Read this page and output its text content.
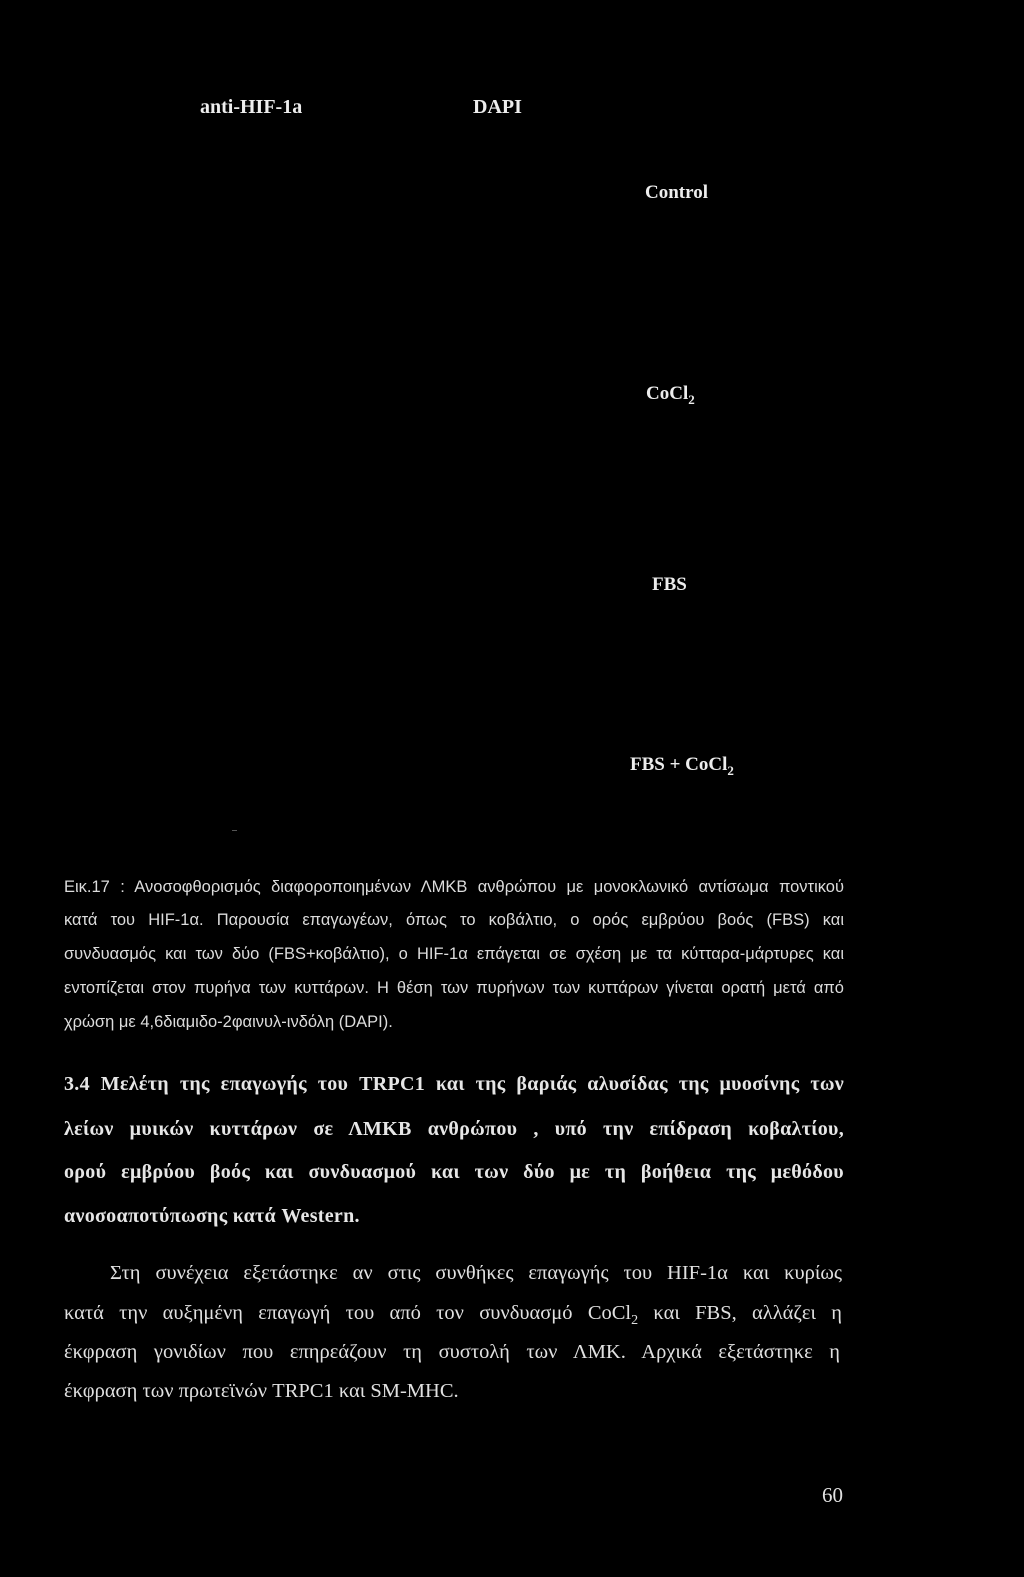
anti-HIF-1a	DAPI
Control
CoCl$_2$
FBS
FBS + CoCl$_2$
Εικ.17 : Ανοσοφθορισμός διαφοροποιημένων ΛΜΚΒ ανθρώπου με μονοκλωνικό αντίσωμα ποντικού
κατά του HIF-1α. Παρουσία επαγωγέων, όπως το κοβάλτιο, ο ορός εμβρύου βοός (FBS) και
συνδυασμός και των δύο (FBS+κοβάλτιο), ο HIF-1α επάγεται σε σχέση με τα κύτταρα-μάρτυρες και
εντοπίζεται στον πυρήνα των κυττάρων. Η θέση των πυρήνων των κυττάρων γίνεται ορατή μετά από
χρώση με 4,6διαμιδο-2φαινυλ-ινδόλη (DAPI).
3.4 Μελέτη της επαγωγής του TRPC1 και της βαριάς αλυσίδας της μυοσίνης των
λείων μυικών κυττάρων σε ΛΜΚΒ ανθρώπου , υπό την επίδραση κοβαλτίου,
ορού εμβρύου βοός και συνδυασμού και των δύο με τη βοήθεια της μεθόδου
ανοσοαποτύπωσης κατά Western.
Στη συνέχεια εξετάστηκε αν στις συνθήκες επαγωγής του HIF-1α και κυρίως
κατά την αυξημένη επαγωγή του από τον συνδυασμό CoCl$_2$ και FBS, αλλάζει η
έκφραση γονιδίων που επηρεάζουν τη συστολή των ΛΜΚ. Αρχικά εξετάστηκε η
έκφραση των πρωτεϊνών TRPC1 και SM-MHC.
60
